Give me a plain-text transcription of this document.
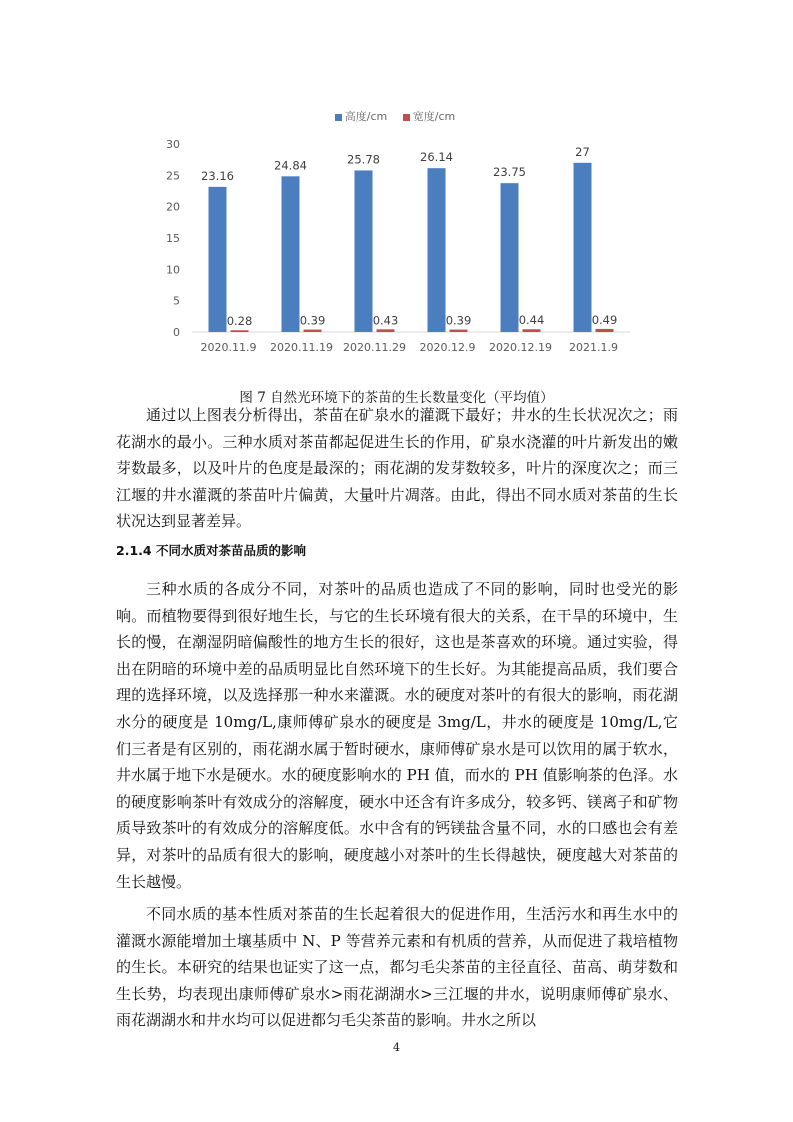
高度/cm 宽度/cm
0
5
10
15
20
25
30
23.16
0.28
2020.11.9
24.84
0.39
2020.11.19
25.78
0.43
2020.11.29
26.14
0.39
2020.12.9
23.75
0.44
2020.12.19
27
0.49
2021.1.9

图 7 自然光环境下的茶苗的生长数量变化（平均值）

通过以上图表分析得出，茶苗在矿泉水的灌溉下最好；井水的生长状况次之；雨花湖水的最小。三种水质对茶苗都起促进生长的作用，矿泉水浇灌的叶片新发出的嫩芽数最多，以及叶片的色度是最深的；雨花湖的发芽数较多，叶片的深度次之；而三江堰的井水灌溉的茶苗叶片偏黄，大量叶片凋落。由此，得出不同水质对茶苗的生长状况达到显著差异。

2.1.4 不同水质对茶苗品质的影响

三种水质的各成分不同，对茶叶的品质也造成了不同的影响，同时也受光的影响。而植物要得到很好地生长，与它的生长环境有很大的关系，在干旱的环境中，生长的慢，在潮湿阴暗偏酸性的地方生长的很好，这也是茶喜欢的环境。通过实验，得出在阴暗的环境中差的品质明显比自然环境下的生长好。为其能提高品质，我们要合理的选择环境，以及选择那一种水来灌溉。水的硬度对茶叶的有很大的影响，雨花湖水分的硬度是 10mg/L,康师傅矿泉水的硬度是 3mg/L，井水的硬度是 10mg/L,它们三者是有区别的，雨花湖水属于暂时硬水，康师傅矿泉水是可以饮用的属于软水，井水属于地下水是硬水。水的硬度影响水的 PH 值，而水的 PH 值影响茶的色泽。水的硬度影响茶叶有效成分的溶解度，硬水中还含有许多成分，较多钙、镁离子和矿物质导致茶叶的有效成分的溶解度低。水中含有的钙镁盐含量不同，水的口感也会有差异，对茶叶的品质有很大的影响，硬度越小对茶叶的生长得越快，硬度越大对茶苗的生长越慢。

不同水质的基本性质对茶苗的生长起着很大的促进作用，生活污水和再生水中的灌溉水源能增加土壤基质中 N、P 等营养元素和有机质的营养，从而促进了栽培植物的生长。本研究的结果也证实了这一点，都匀毛尖茶苗的主径直径、苗高、萌芽数和生长势，均表现出康师傅矿泉水>雨花湖湖水>三江堰的井水，说明康师傅矿泉水、雨花湖湖水和井水均可以促进都匀毛尖茶苗的影响。井水之所以

4
